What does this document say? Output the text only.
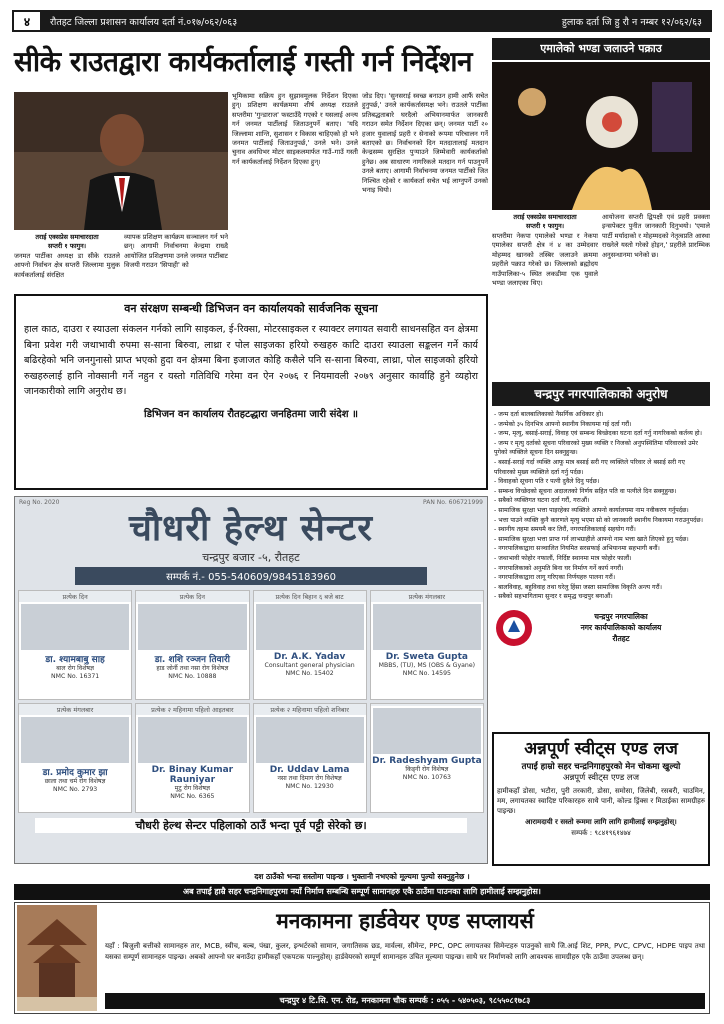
४	रौतहट जिल्ला प्रशासन कार्यालय दर्ता नं.०१७/०६२/०६३	हुलाक दर्ता जि हु रौ न नम्बर १२/०६२/६३
सीके राउतद्वारा कार्यकर्तालाई गस्ती गर्न निर्देशन
तराई एक्सप्रेस समाचारदाता
सप्तरी १ फागुन।
जनमत पार्टीका अध्यक्ष डा सीके राउतले आफ्नो निर्वाचन क्षेत्र सप्तरी जिल्लामा मुलुक कार्यकर्तालाई संरक्षित
व्यापक प्रशिक्षण कार्यक्रम सञ्चालन गर्न भने छन्। आगामी निर्वाचनमा केन्द्रमा राख्दै आयोजित प्रशिक्षणमा उनले जनमत पार्टीबाट विजयी गराउन 'सिपाही' को
भूमिकामा सक्रिय हुन सुझावमूलक निर्देशन दिएका हुन्। प्रशिक्षण कार्यक्रममा शीर्ष अध्यक्ष राउतले सप्तरीमा 'गुन्डाराज' फस्टाउँदै गएको र यसलाई अन्त्य गर्न जनमत पार्टीलाई जिताउनुपर्ने बताए। 'यदि जिल्लामा शान्ति, सुशासन र विकास चाहिएको हो भने जनमत पार्टीलाई जिताउनुपर्छ,' उनले भने। उनले चुनाव अवधिभर मोटर साइकलमार्फत गाउँ–गाउँ गस्ती गर्न कार्यकर्तालाई निर्देशन दिएका हुन्।
जोड दिए। 'सुनसराई स्वच्छ बनाउन हामी आफैं सचेत हुनुपर्छ,' उनले कार्यकर्तासमक्ष भने। राउतले पार्टीका प्रतिबद्धताबारे घरदैलो अभियानमार्फत जानकारी गराउन समेत निर्देशन दिएका छन्। जनमत पार्टी २० हजार युवालाई प्रहरी र सेनाको रूपमा परिचालन गर्ने बताएको छ। निर्वाचनको दिन मतदातालाई मतदान केन्द्रसम्म सुरक्षित पुर्‍याउने जिम्मेवारी कार्यकर्ताको हुनेछ। अब साधारण नागरिकले मतदान गर्न पाउनुपर्ने उनले बताए। आगामी निर्वाचनमा जनमत पार्टीको जित निश्चित रहेको र कार्यकर्ता सचेत भई लाग्नुपर्ने उनको भनाइ थियो।
वन संरक्षण सम्बन्धी डिभिजन वन कार्यालयको सार्वजनिक सूचना
हाल काठ, दाउरा र स्याउला संकलन गर्नको लागि साइकल, ई-रिक्सा, मोटरसाइकल र स्याक्टर लगायत सवारी साधनसहित वन क्षेत्रमा बिना प्रवेश गरी जथाभावी रुपमा स-साना बिरुवा, लाथ्रा र पोल साइजका हरियो रुखहरु काटि दाउरा स्याउला सङ्कलन गर्ने कार्य बढिरहेको भनि जनगुनासो प्राप्त भएको हुदा वन क्षेत्रमा बिना इजाजत कोहि कसैले पनि स-साना बिरुवा, लाथ्रा, पोल साइजको हरियो रुखहरुलाई हानि नोक्सानी गर्ने नहुन र यस्तो गतिविधि गरेमा वन ऐन २०७६ र नियमावली २०७९ अनुसार कार्वाहि हुने व्यहोरा जानकारीको लागि अनुरोध छ।
डिभिजन वन कार्यालय रौतहटद्धारा जनहितमा जारी संदेश ॥
Reg No. 2020	PAN No. 606721999
चौधरी हेल्थ सेन्टर
चन्द्रपुर बजार -५, रौतहट
सम्पर्क नं.- 055-540609/9845183960
प्रत्येक दिन
डा. श्यामबाबु साह
बाल रोग विशेषज्ञ
NMC No. 16371
प्रत्येक दिन
डा. शशि रञ्जन तिवारी
हाड जोर्नी तथा नसा रोग विशेषज्ञ
NMC No. 10888
प्रत्येक दिन बिहान ६ बजे बाट
Dr. A.K. Yadav
Consultant general physician
NMC No. 15402
प्रत्येक मंगलबार
Dr. Sweta Gupta
MBBS, (TU), MS (OBS & Gyane)
NMC No. 14595
प्रत्येक मंगलबार
डा. प्रमोद कुमार झा
छाला तथा चर्म रोग विशेषज्ञ
NMC No. 2793
प्रत्येक २ महिनामा पहिलो आइतबार
Dr. Binay Kumar Rauniyar
मुटु रोग विशेषज्ञ
NMC No. 6365
प्रत्येक २ महिनामा पहिलो शनिबार
Dr. Uddav Lama
नसा तथा दिमाग रोग विशेषज्ञ
NMC No. 12930
Dr. Radeshyam Gupta
किड्नी रोग विशेषज्ञ
NMC No. 10763
चौधरी हेल्थ सेन्टर पहिलाको ठाउँ भन्दा पूर्व पट्टी सेरेको छ।
एमालेको भण्डा जलाउने पक्राउ
तराई एक्सप्रेस समाचारदाता
सप्तरी १ फागुन।
सप्तरीमा नेकपा एमालेको भण्डा र नेकपा एमालेका सप्तरी क्षेत्र नं ४ का उम्मेदवार मोहम्मद खानको तस्बिर जलाउने क्रममा प्रहरीले पक्राउ गरेको छ। जिल्लाको ब्रह्मोदय गाउँपालिका-५ स्थित लकडीमा एक युवाले भण्डा जलाएका थिए।
आयोजना सप्तरी द्विपक्षी एवं प्रहरी प्रवक्ता इन्सपेक्टर पुनीत जानकारी दिनुभयो। 'एमाले पार्टी मर्यादाको र मोहम्मदको नेतृत्वप्रति आस्था राख्नेले यस्तो गरेको होइन,' प्रहरीले प्रारम्भिक अनुसन्धानमा भनेको छ।
चन्द्रपुर नगरपालिकाको अनुरोध
- जन्म दर्ता बालबालिकाको नैसर्गिक अधिकार हो।
- जन्मेको ३५ दिनभित्र आफ्नो स्थानीय निकायमा गई दर्ता गरौं।
- जन्म, मृत्यु, बसाई-सराई, विवाह एवं सम्बन्ध बिच्छेदका घटना दर्ता गर्नु नागरिकको कर्तव्य हो।
- जन्म र मृत्यु दर्ताको सूचना परिवारको मुख्य व्यक्ति र निजको अनुपस्थितिमा परिवारको उमेर पुगेको व्यक्तिले सूचना दिन सक्नुहुन्छ।
- बसाई-सराई गर्दा व्यक्ति आफू मात्र बसाई सरी गए व्यक्तिले परिवार ले बसाई सरी गए परिवारको मुख्य व्यक्तिले दर्ता गर्नु पर्दछ।
- विवाहको सूचना पति र पत्नी दुवैले दिनु पर्दछ।
- सम्बन्ध विच्छेदको सूचना अदालतको निर्णय सहित पति वा पत्नीले दिन सक्नुहुन्छ।
- सबैको व्यक्तिगत घटना दर्ता गरौं, गराऔं।
- सामाजिक सुरक्षा भत्ता पाइरहेका व्यक्तिले आफ्नो कार्यालयमा नाम नवीकरण गर्नुपर्दछ।
- भत्ता पाउने व्यक्ति कुनै कारणले मृत्यु भएमा सो को जानकारी स्थानीय निकायमा गराउनुपर्दछ।
- स्थानीय तहमा समयमै कर तिरौं, नगरपालिकालाई सहयोग गरौं।
- सामाजिक सुरक्षा भत्ता प्राप्त गर्न लाभग्राहीले आफ्नो नाम भत्ता खाते लिएको हुनु पर्दछ।
- नगरपालिकाद्वारा सञ्चालित नियमित सरसफाई अभियानमा सहभागी बनौं।
- जथाभावी फोहोर नफालौं, निर्दिष्ट स्थानमा मात्र फोहोर फालौं।
- नगरपालिकाको अनुमति बिना घर निर्माण गर्ने कार्य नगरौं।
- नगरपालिकाद्वारा लागू गरिएका निर्णयहरु पालना गरौं।
- बालविवाह, बहुविवाह तथा घरेलु हिंसा जस्ता सामाजिक विकृति अन्त्य गरौं।
- सबैको सहभागितामा सुन्दर र समृद्ध चन्द्रपुर बनाऔं।
चन्द्रपुर नगरपालिका
नगर कार्यपालिकाको कार्यालय
रौतहट
अन्नपूर्ण स्वीट्स एण्ड लज
तपाईं हाम्रो सहर चन्द्रनिगाहपुरको मेन चोकमा खुल्यो
अन्नपूर्ण स्वीट्स एण्ड लज
हामीकहाँ डोसा, भटौरा, पुरी तरकारी, डोसा, समोसा, जिलेबी, रसबरी, चाउमिन, मम, लगायतका स्वादिष्ट परिकारहरु साथै पानी, कोल्ड ड्रिंक्स र मिठाईका सामग्रीहरु पाइन्छ।
आरामदायी र सस्तो रूममा लागि लागि हामीलाई सम्झनुहोस्।
सम्पर्क : ९८४१९६१४७४
दश ठाउँको भन्दा सस्तोमा पाइन्छ । भुक्तानी नभएको मूल्यमा पुल्यो सक्नुहुनेछ ।
अब तपाईं हाम्रै सहर चन्द्रनिगाहपुरमा नयाँ निर्माण सम्बन्धि सम्पूर्ण सामानहरु एकै ठाउँमा पाउनका लागि हामीलाई सम्झनुहोस।
मनकामना हार्डवेयर एण्ड सप्लायर्स
यहाँ : बिजुली बत्तीको सामानहरु तार, MCB, स्वीच, बल्ब, पंखा, कुलर, इन्भर्टरको सामान, जगातिसक छड, मार्वल्स, सीमेन्ट, PPC, OPC लगायतका सिमेन्टहरु पाउनुको साथै जि.आई शिट, PPR, PVC, CPVC, HDPE पाइप तथा यसका सम्पूर्ण सामानहरु पाइन्छ। अबको आफ्नो घर बनाउँदा हामीकहाँ एकपटक पाल्नुहोस्। हार्डवेयरको सम्पूर्ण सामानहरु उचित मूल्यमा पाइन्छ। साथै घर निर्माणको लागि आवश्यक सामग्रीहरु एकै ठाउँमा उपलब्ध छन्।
चन्द्रपुर ४ टि.सि. एन. रोड, मनकामना चौक सम्पर्क : ०५५ - ५४०५०३, ९८५५०८१७८३
